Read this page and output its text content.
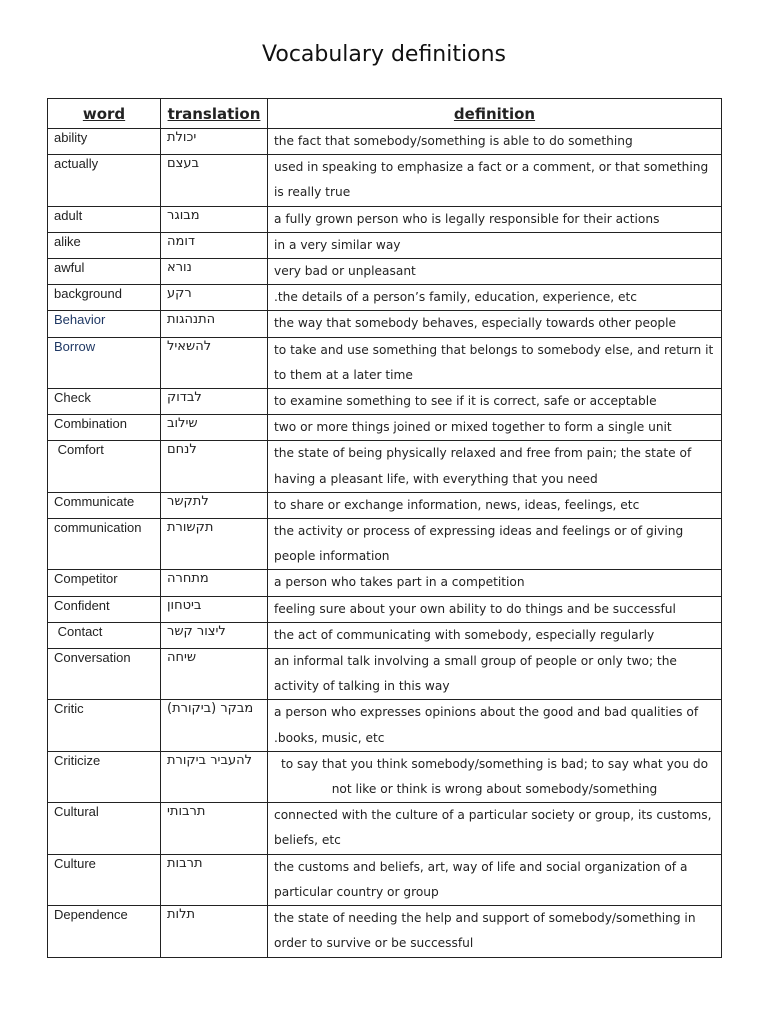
Vocabulary definitions
word	translation	definition
ability	יכולת	the fact that somebody/something is able to do something
actually	בעצם	used in speaking to emphasize a fact or a comment, or that something is really true
adult	מבוגר	a fully grown person who is legally responsible for their actions
alike	דומה	in a very similar way
awful	נורא	very bad or unpleasant
background	רקע	.the details of a person’s family, education, experience, etc
Behavior	התנהגות	the way that somebody behaves, especially towards other people
Borrow	להשאיל	to take and use something that belongs to somebody else, and return it to them at a later time
Check	לבדוק	to examine something to see if it is correct, safe or acceptable
Combination	שילוב	two or more things joined or mixed together to form a single unit
Comfort	לנחם	the state of being physically relaxed and free from pain; the state of having a pleasant life, with everything that you need
Communicate	לתקשר	to share or exchange information, news, ideas, feelings, etc
communication	תקשורת	the activity or process of expressing ideas and feelings or of giving people information
Competitor	מתחרה	a person who takes part in a competition
Confident	ביטחון	feeling sure about your own ability to do things and be successful
Contact	ליצור קשר	the act of communicating with somebody, especially regularly
Conversation	שיחה	an informal talk involving a small group of people or only two; the activity of talking in this way
Critic	מבקר (ביקורת)	a person who expresses opinions about the good and bad qualities of .books, music, etc
Criticize	להעביר ביקורת	to say that you think somebody/something is bad; to say what you do not like or think is wrong about somebody/something
Cultural	תרבותי	connected with the culture of a particular society or group, its customs, beliefs, etc
Culture	תרבות	the customs and beliefs, art, way of life and social organization of a particular country or group
Dependence	תלות	the state of needing the help and support of somebody/something in order to survive or be successful
